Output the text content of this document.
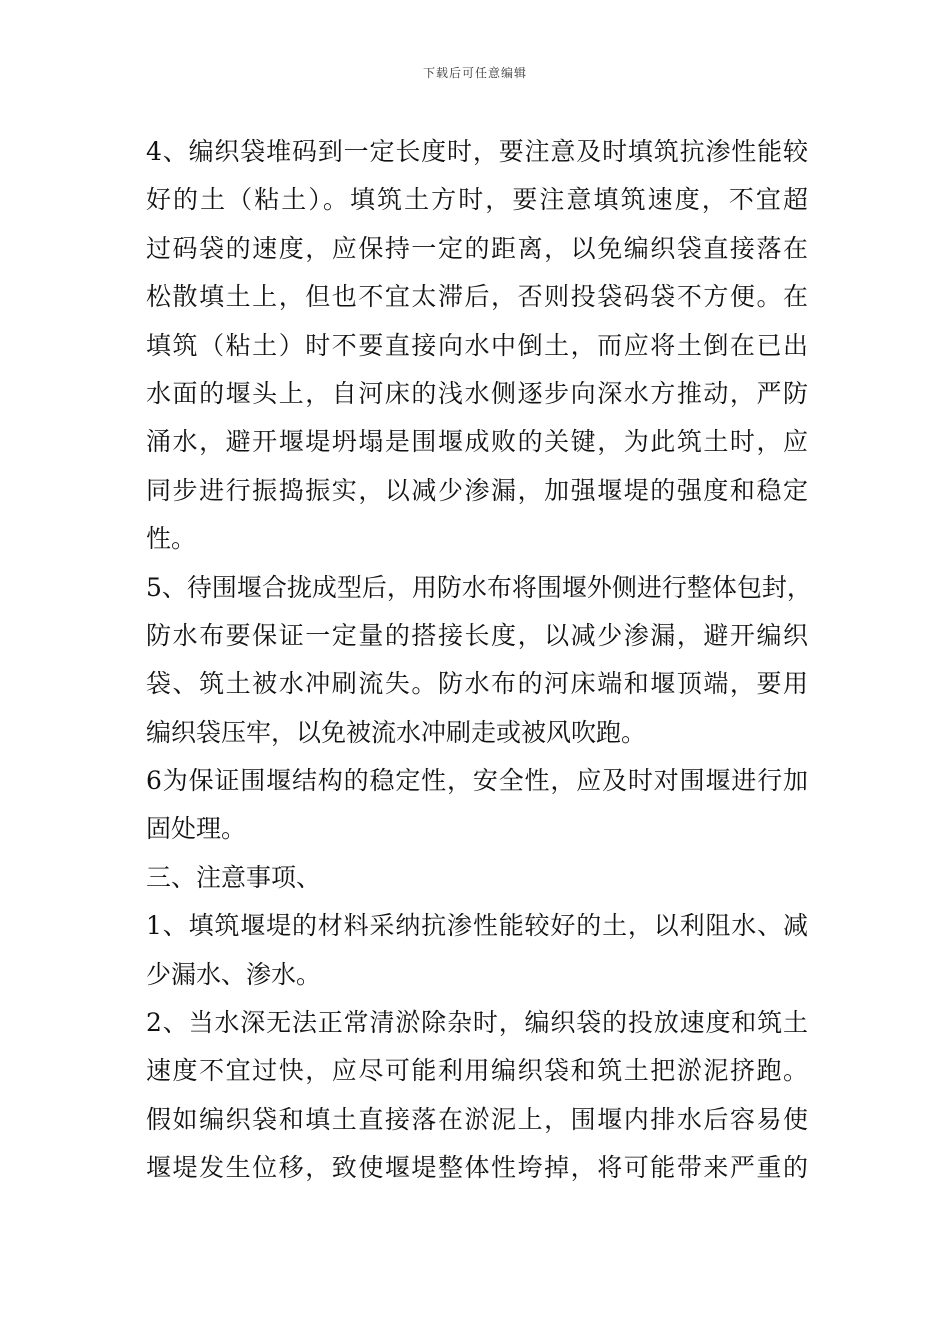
下载后可任意编辑
4、编织袋堆码到一定长度时，要注意及时填筑抗渗性能较
好的土（粘土）。填筑土方时，要注意填筑速度，不宜超
过码袋的速度，应保持一定的距离，以免编织袋直接落在
松散填土上，但也不宜太滞后，否则投袋码袋不方便。在
填筑（粘土）时不要直接向水中倒土，而应将土倒在已出
水面的堰头上，自河床的浅水侧逐步向深水方推动，严防
涌水，避开堰堤坍塌是围堰成败的关键，为此筑土时，应
同步进行振捣振实，以减少渗漏，加强堰堤的强度和稳定
性。
5、待围堰合拢成型后，用防水布将围堰外侧进行整体包封，
防水布要保证一定量的搭接长度，以减少渗漏，避开编织
袋、筑土被水冲刷流失。防水布的河床端和堰顶端，要用
编织袋压牢，以免被流水冲刷走或被风吹跑。
6为保证围堰结构的稳定性，安全性，应及时对围堰进行加
固处理。
三、注意事项、
1、填筑堰堤的材料采纳抗渗性能较好的土，以利阻水、减
少漏水、渗水。
2、当水深无法正常清淤除杂时，编织袋的投放速度和筑土
速度不宜过快，应尽可能利用编织袋和筑土把淤泥挤跑。
假如编织袋和填土直接落在淤泥上，围堰内排水后容易使
堰堤发生位移，致使堰堤整体性垮掉，将可能带来严重的
